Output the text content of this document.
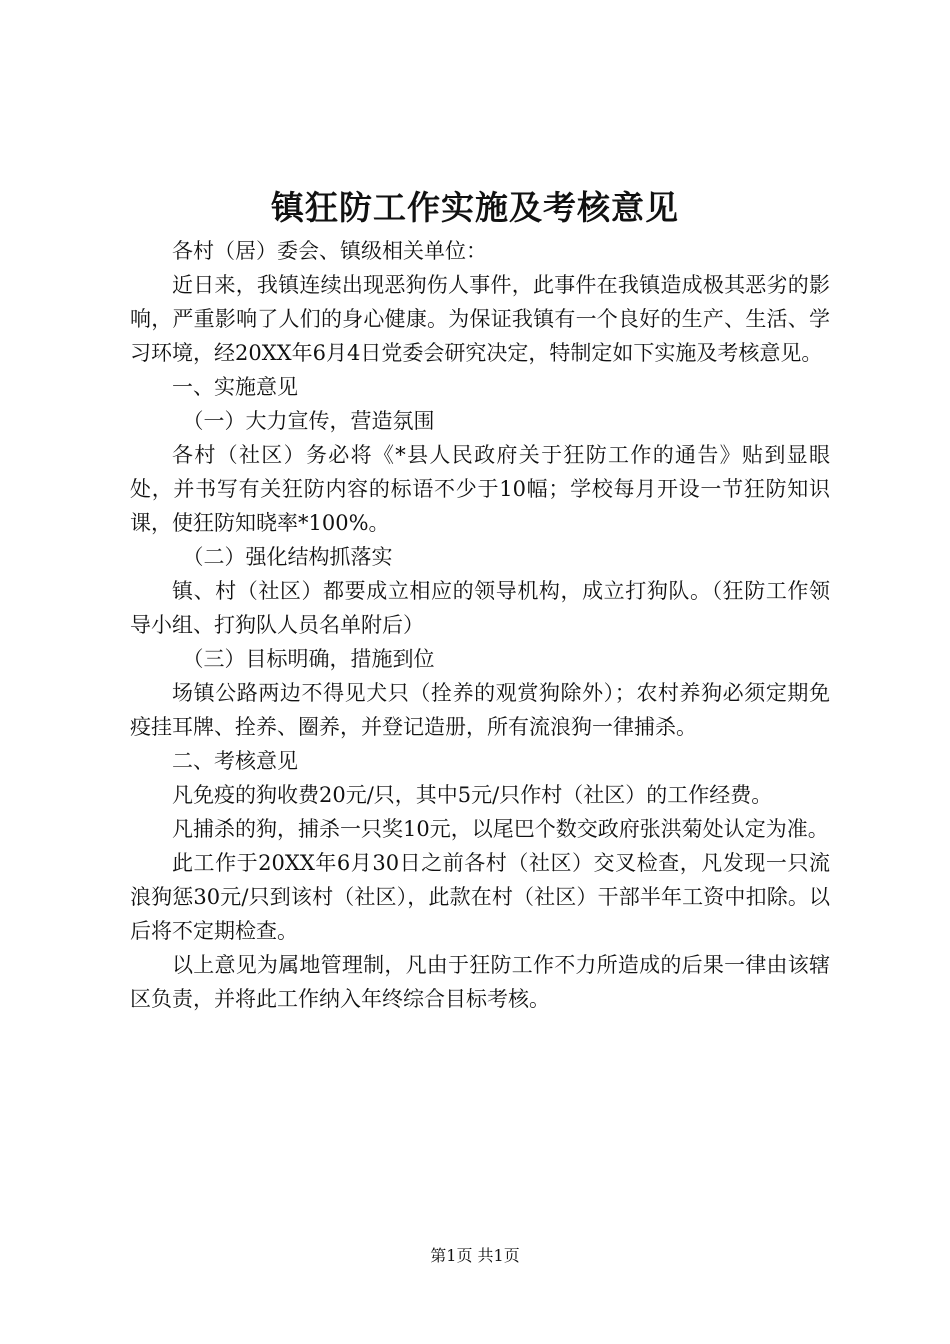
镇狂防工作实施及考核意见

各村（居）委会、镇级相关单位：

近日来，我镇连续出现恶狗伤人事件，此事件在我镇造成极其恶劣的影响，严重影响了人们的身心健康。为保证我镇有一个良好的生产、生活、学习环境，经20XX年6月4日党委会研究决定，特制定如下实施及考核意见。

一、实施意见

（一）大力宣传，营造氛围

各村（社区）务必将《*县人民政府关于狂防工作的通告》贴到显眼处，并书写有关狂防内容的标语不少于10幅；学校每月开设一节狂防知识课，使狂防知晓率*100%。

（二）强化结构抓落实

镇、村（社区）都要成立相应的领导机构，成立打狗队。（狂防工作领导小组、打狗队人员名单附后）

（三）目标明确，措施到位

场镇公路两边不得见犬只（拴养的观赏狗除外）；农村养狗必须定期免疫挂耳牌、拴养、圈养，并登记造册，所有流浪狗一律捕杀。

二、考核意见

凡免疫的狗收费20元/只，其中5元/只作村（社区）的工作经费。

凡捕杀的狗，捕杀一只奖10元，以尾巴个数交政府张洪菊处认定为准。

此工作于20XX年6月30日之前各村（社区）交叉检查，凡发现一只流浪狗惩30元/只到该村（社区），此款在村（社区）干部半年工资中扣除。以后将不定期检查。

以上意见为属地管理制，凡由于狂防工作不力所造成的后果一律由该辖区负责，并将此工作纳入年终综合目标考核。

第1页 共1页
